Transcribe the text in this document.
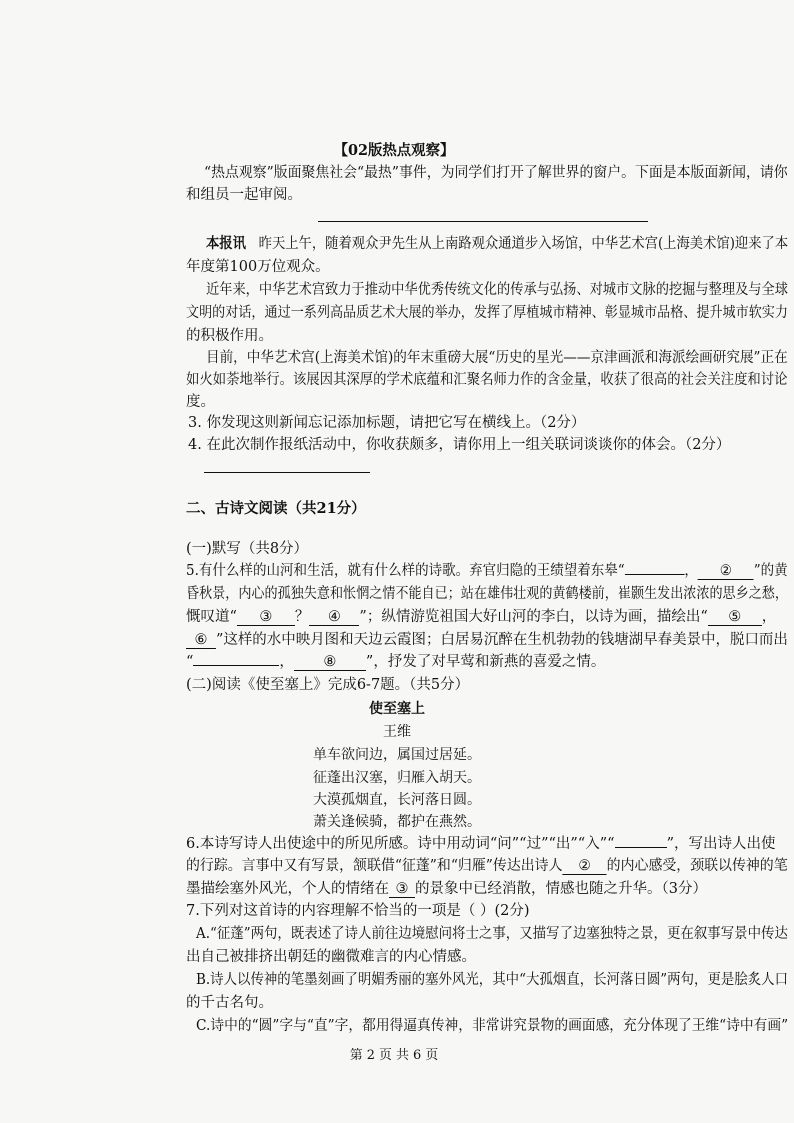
【02版热点观察】
“热点观察”版面聚焦社会“最热”事件，为同学们打开了解世界的窗户。下面是本版面新闻，请你
和组员一起审阅。
本报讯 昨天上午，随着观众尹先生从上南路观众通道步入场馆，中华艺术宫(上海美术馆)迎来了本
年度第100万位观众。
近年来，中华艺术宫致力于推动中华优秀传统文化的传承与弘扬、对城市文脉的挖掘与整理及与全球
文明的对话，通过一系列高品质艺术大展的举办，发挥了厚植城市精神、彰显城市品格、提升城市软实力
的积极作用。
目前，中华艺术宫(上海美术馆)的年末重磅大展“历史的星光——京津画派和海派绘画研究展”正在
如火如荼地举行。该展因其深厚的学术底蕴和汇聚名师力作的含金量，收获了很高的社会关注度和讨论
度。
3. 你发现这则新闻忘记添加标题，请把它写在横线上。（2分）
4. 在此次制作报纸活动中，你收获颇多，请你用上一组关联词谈谈你的体会。（2分）
二、古诗文阅读（共21分）
(一)默写（共8分）
5.有什么样的山河和生活，就有什么样的诗歌。弃官归隐的王绩望着东皋“	， ② ”的黄
昏秋景，内心的孤独失意和怅惘之情不能自已；站在雄伟壮观的黄鹤楼前，崔颢生发出浓浓的思乡之愁，
慨叹道“ ③ ？ ④ ”；纵情游览祖国大好山河的李白，以诗为画，描绘出“ ⑤ ，
⑥ ”这样的水中映月图和天边云霞图；白居易沉醉在生机勃勃的钱塘湖早春美景中，脱口而出
“	， ⑧ ”，抒发了对早莺和新燕的喜爱之情。
(二)阅读《使至塞上》完成6-7题。（共5分）
使至塞上
王维
单车欲问边，属国过居延。
征蓬出汉塞，归雁入胡天。
大漠孤烟直，长河落日圆。
萧关逢候骑，都护在燕然。
6.本诗写诗人出使途中的所见所感。诗中用动词“问”“过”“出”“入”“	”，写出诗人出使
的行踪。言事中又有写景，颔联借“征蓬”和“归雁”传达出诗人 ② 的内心感受，颈联以传神的笔
墨描绘塞外风光，个人的情绪在 ③ 的景象中已经消散，情感也随之升华。（3分）
7.下列对这首诗的内容理解不恰当的一项是（ ）(2分)
A.“征蓬”两句，既表述了诗人前往边境慰问将士之事，又描写了边塞独特之景，更在叙事写景中传达
出自己被排挤出朝廷的幽微难言的内心情感。
B.诗人以传神的笔墨刻画了明媚秀丽的塞外风光，其中“大孤烟直，长河落日圆”两句，更是脍炙人口
的千古名句。
C.诗中的“圆”字与“直”字，都用得逼真传神，非常讲究景物的画面感，充分体现了王维“诗中有画”
第 2 页 共 6 页
